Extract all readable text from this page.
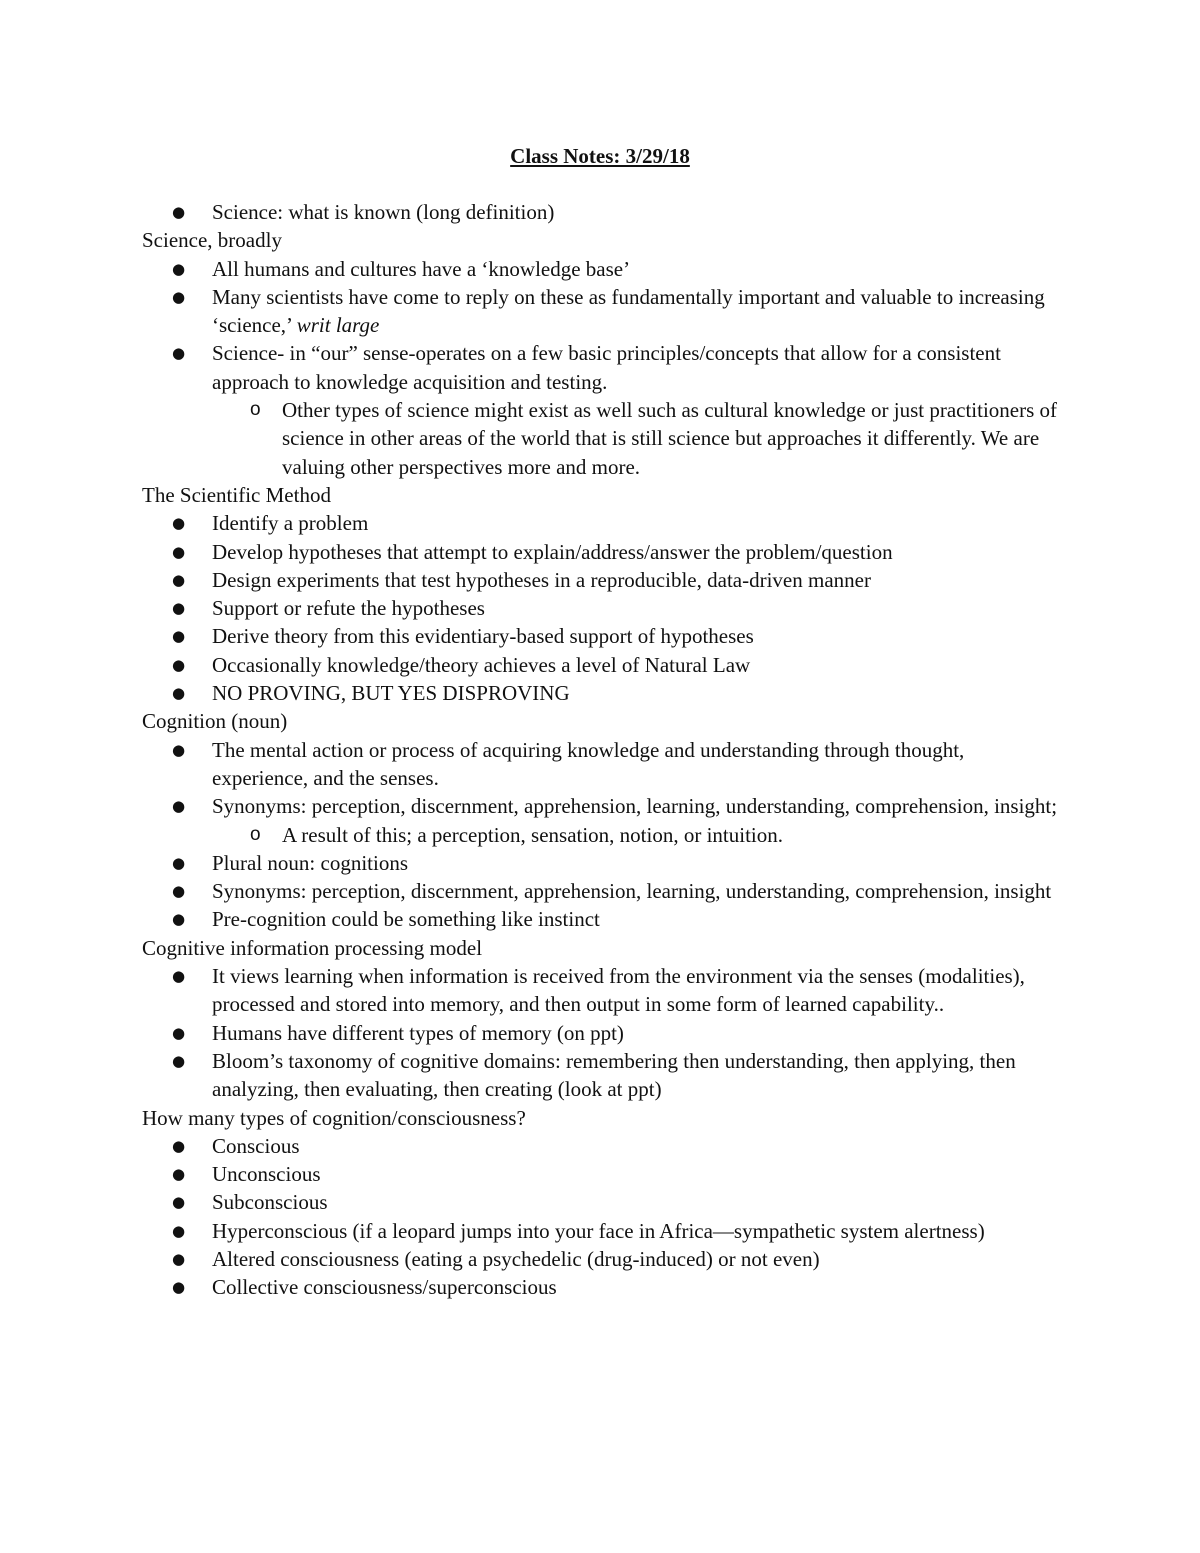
Class Notes: 3/29/18
● Science: what is known (long definition)
Science, broadly
● All humans and cultures have a ‘knowledge base’
● Many scientists have come to reply on these as fundamentally important and valuable to increasing ‘science,’ writ large
● Science- in “our” sense-operates on a few basic principles/concepts that allow for a consistent approach to knowledge acquisition and testing.
o Other types of science might exist as well such as cultural knowledge or just practitioners of science in other areas of the world that is still science but approaches it differently. We are valuing other perspectives more and more.
The Scientific Method
● Identify a problem
● Develop hypotheses that attempt to explain/address/answer the problem/question
● Design experiments that test hypotheses in a reproducible, data-driven manner
● Support or refute the hypotheses
● Derive theory from this evidentiary-based support of hypotheses
● Occasionally knowledge/theory achieves a level of Natural Law
● NO PROVING, BUT YES DISPROVING
Cognition (noun)
● The mental action or process of acquiring knowledge and understanding through thought, experience, and the senses.
● Synonyms: perception, discernment, apprehension, learning, understanding, comprehension, insight;
o A result of this; a perception, sensation, notion, or intuition.
● Plural noun: cognitions
● Synonyms: perception, discernment, apprehension, learning, understanding, comprehension, insight
● Pre-cognition could be something like instinct
Cognitive information processing model
● It views learning when information is received from the environment via the senses (modalities), processed and stored into memory, and then output in some form of learned capability..
● Humans have different types of memory (on ppt)
● Bloom’s taxonomy of cognitive domains: remembering then understanding, then applying, then analyzing, then evaluating, then creating (look at ppt)
How many types of cognition/consciousness?
● Conscious
● Unconscious
● Subconscious
● Hyperconscious (if a leopard jumps into your face in Africa—sympathetic system alertness)
● Altered consciousness (eating a psychedelic (drug-induced) or not even)
● Collective consciousness/superconscious
